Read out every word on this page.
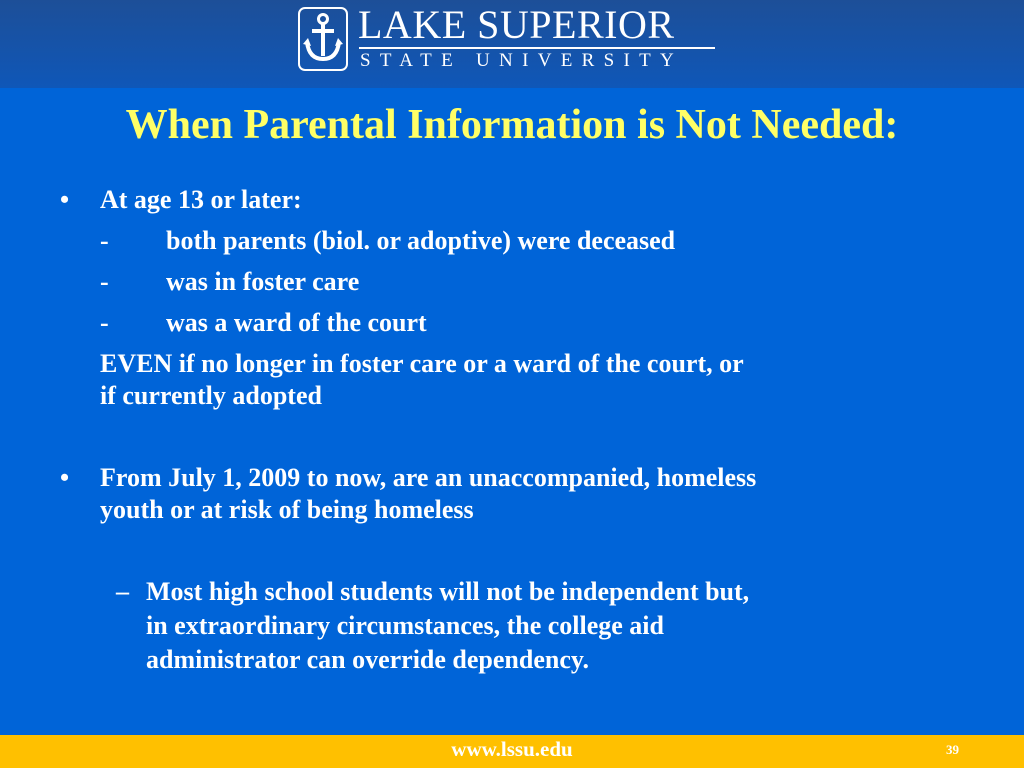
LAKE SUPERIOR
STATE UNIVERSITY
When Parental Information is Not Needed:
• At age 13 or later:
- both parents (biol. or adoptive) were deceased
- was in foster care
- was a ward of the court
EVEN if no longer in foster care or a ward of the court, or
if currently adopted
• From July 1, 2009 to now, are an unaccompanied, homeless
youth or at risk of being homeless
– Most high school students will not be independent but,
in extraordinary circumstances, the college aid
administrator can override dependency.
www.lssu.edu	39
